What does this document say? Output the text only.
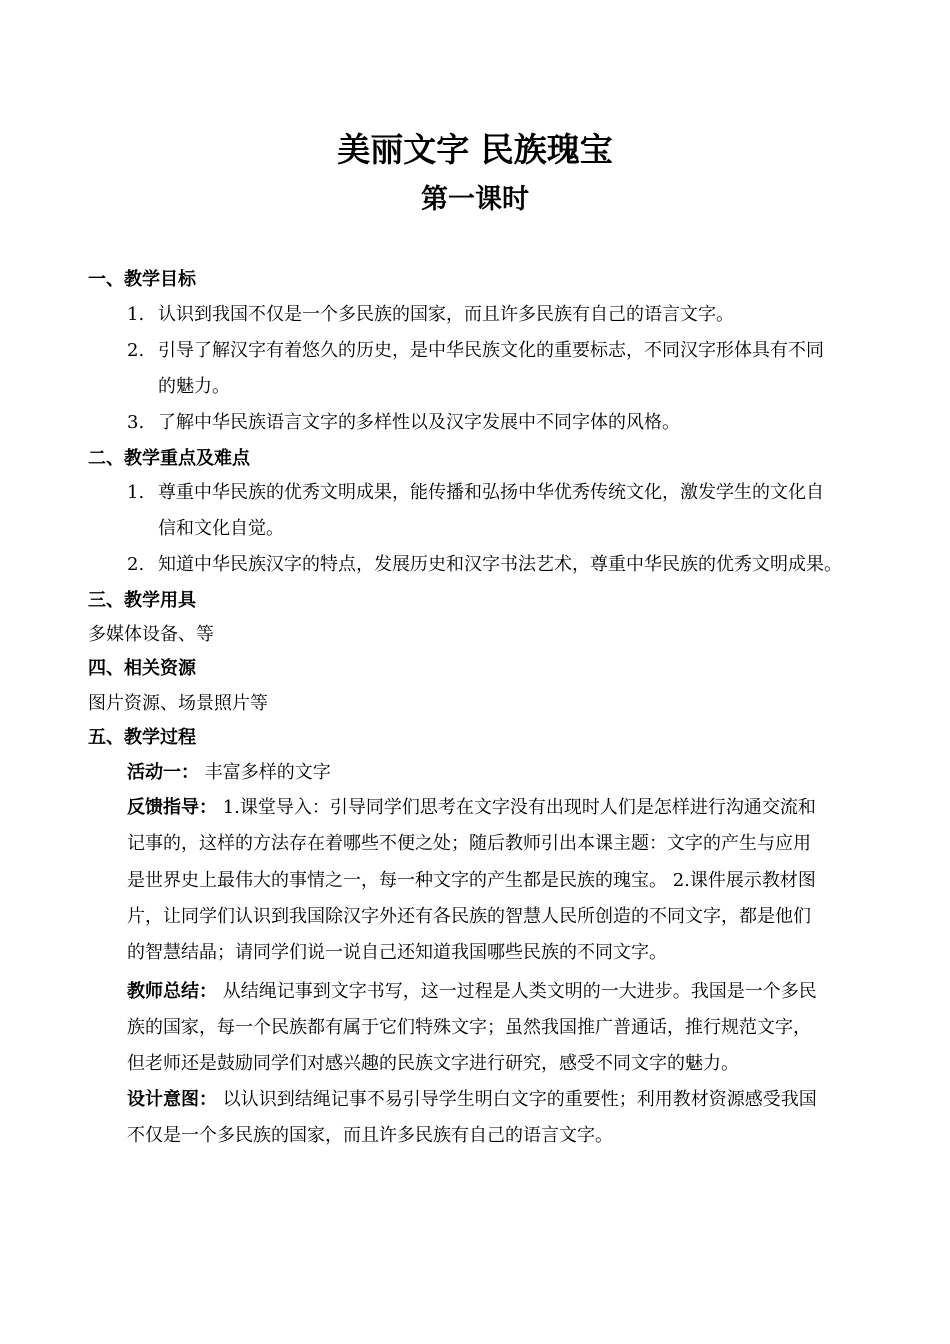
美丽文字 民族瑰宝
第一课时
一、教学目标
1. 认识到我国不仅是一个多民族的国家，而且许多民族有自己的语言文字。
2. 引导了解汉字有着悠久的历史，是中华民族文化的重要标志，不同汉字形体具有不同
的魅力。
3. 了解中华民族语言文字的多样性以及汉字发展中不同字体的风格。
二、教学重点及难点
1. 尊重中华民族的优秀文明成果，能传播和弘扬中华优秀传统文化，激发学生的文化自
信和文化自觉。
2. 知道中华民族汉字的特点，发展历史和汉字书法艺术，尊重中华民族的优秀文明成果。
三、教学用具
多媒体设备、等
四、相关资源
图片资源、场景照片等
五、教学过程
活动一： 丰富多样的文字
反馈指导： 1.课堂导入：引导同学们思考在文字没有出现时人们是怎样进行沟通交流和
记事的，这样的方法存在着哪些不便之处；随后教师引出本课主题：文字的产生与应用
是世界史上最伟大的事情之一，每一种文字的产生都是民族的瑰宝。 2.课件展示教材图
片，让同学们认识到我国除汉字外还有各民族的智慧人民所创造的不同文字，都是他们
的智慧结晶；请同学们说一说自己还知道我国哪些民族的不同文字。
教师总结： 从结绳记事到文字书写，这一过程是人类文明的一大进步。我国是一个多民
族的国家，每一个民族都有属于它们特殊文字；虽然我国推广普通话，推行规范文字，
但老师还是鼓励同学们对感兴趣的民族文字进行研究，感受不同文字的魅力。
设计意图： 以认识到结绳记事不易引导学生明白文字的重要性；利用教材资源感受我国
不仅是一个多民族的国家，而且许多民族有自己的语言文字。
